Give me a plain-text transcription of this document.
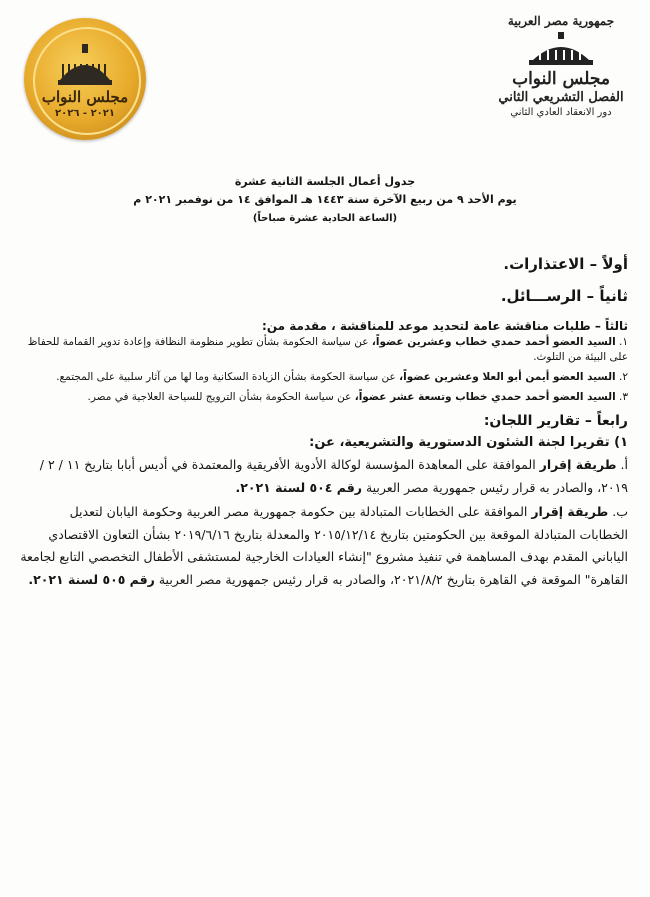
مجلس النواب
٢٠٢١ - ٢٠٢٦
جمهورية مصر العربية
مجلس النواب
الفصل التشريعي الثاني
دور الانعقاد العادي الثاني
جدول أعمال الجلسة الثانية عشرة
يوم الأحد ٩ من ربيع الآخرة سنة ١٤٤٣ هـ الموافق ١٤ من نوفمبر ٢٠٢١ م
(الساعة الحادية عشرة صباحاً)
أولاً – الاعتذارات.
ثانياً – الرســـائل.
ثالثاً – طلبات مناقشة عامة لتحديد موعد للمناقشة ، مقدمة من:
١. السيد العضو أحمد حمدي خطاب وعشرين عضواً، عن سياسة الحكومة بشأن تطوير منظومة النظافة وإعادة تدوير القمامة للحفاظ على البيئة من التلوث.
٢. السيد العضو أيمن أبو العلا وعشرين عضواً، عن سياسة الحكومة بشأن الزيادة السكانية وما لها من آثار سلبية على المجتمع.
٣. السيد العضو أحمد حمدي خطاب وتسعة عشر عضواً، عن سياسة الحكومة بشأن الترويج للسياحة العلاجية في مصر.
رابعاً – تقارير اللجان:
١) تقريرا لجنة الشئون الدستورية والتشريعية، عن:
أ. طريقة إقرار الموافقة على المعاهدة المؤسسة لوكالة الأدوية الأفريقية والمعتمدة في أديس أبابا بتاريخ ١١ / ٢ / ٢٠١٩، والصادر به قرار رئيس جمهورية مصر العربية رقم ٥٠٤ لسنة ٢٠٢١.
ب. طريقة إقرار الموافقة على الخطابات المتبادلة بين حكومة جمهورية مصر العربية وحكومة اليابان لتعديل الخطابات المتبادلة الموقعة بين الحكومتين بتاريخ ٢٠١٥/١٢/١٤ والمعدلة بتاريخ ٢٠١٩/٦/١٦ بشأن التعاون الاقتصادي الياباني المقدم بهدف المساهمة في تنفيذ مشروع "إنشاء العيادات الخارجية لمستشفى الأطفال التخصصي التابع لجامعة القاهرة" الموقعة في القاهرة بتاريخ ٢٠٢١/٨/٢، والصادر به قرار رئيس جمهورية مصر العربية رقم ٥٠٥ لسنة ٢٠٢١.
